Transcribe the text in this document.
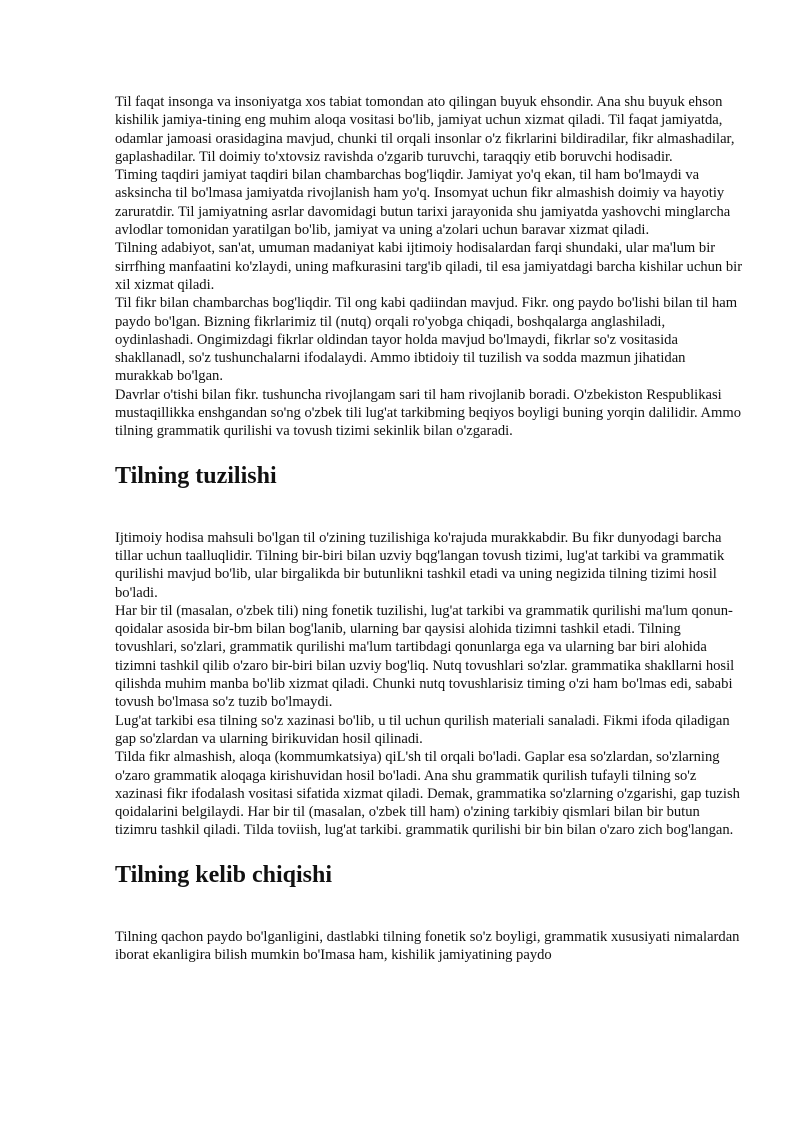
Til faqat insonga va insoniyatga xos tabiat tomondan ato qilingan buyuk ehsondir. Ana shu buyuk ehson kishilik jamiya-tining eng muhim aloqa vositasi bo'lib, jamiyat uchun xizmat qiladi. Til faqat jamiyatda, odamlar jamoasi orasidagina mavjud, chunki til orqali insonlar o'z fikrlarini bildiradilar, fikr almashadilar, gaplashadilar. Til doimiy to'xtovsiz ravishda o'zgarib turuvchi, taraqqiy etib boruvchi hodisadir.

Timing taqdiri jamiyat taqdiri bilan chambarchas bog'liqdir. Jamiyat yo'q ekan, til ham bo'lmaydi va asksincha til bo'lmasa jamiyatda rivojlanish ham yo'q. Insomyat uchun fikr almashish doimiy va hayotiy zaruratdir. Til jamiyatning asrlar davomidagi butun tarixi jarayonida shu jamiyatda yashovchi minglarcha avlodlar tomonidan yaratilgan bo'lib, jamiyat va uning a'zolari uchun baravar xizmat qiladi.

Tilning adabiyot, san'at, umuman madaniyat kabi ijtimoiy hodisalardan farqi shundaki, ular ma'lum bir sirrfhing manfaatini ko'zlaydi, uning mafkurasini targ'ib qiladi, til esa jamiyatdagi barcha kishilar uchun bir xil xizmat qiladi.

Til fikr bilan chambarchas bog'liqdir. Til ong kabi qadiindan mavjud. Fikr. ong paydo bo'lishi bilan til ham paydo bo'lgan. Bizning fikrlarimiz til (nutq) orqali ro'yobga chiqadi, boshqalarga anglashiladi, oydinlashadi. Ongimizdagi fikrlar oldindan tayor holda mavjud bo'lmaydi, fikrlar so'z vositasida shakllanadl, so'z tushunchalarni ifodalaydi. Ammo ibtidoiy til tuzilish va sodda mazmun jihatidan murakkab bo'lgan.

Davrlar o'tishi bilan fikr. tushuncha rivojlangam sari til ham rivojlanib boradi. O'zbekiston Respublikasi mustaqillikka enshgandan so'ng o'zbek tili lug'at tarkibming beqiyos boyligi buning yorqin dalilidir. Ammo tilning grammatik qurilishi va tovush tizimi sekinlik bilan o'zgaradi.

Tilning tuzilishi

Ijtimoiy hodisa mahsuli bo'lgan til o'zining tuzilishiga ko'rajuda murakkabdir. Bu fikr dunyodagi barcha tillar uchun taalluqlidir. Tilning bir-biri bilan uzviy bqg'langan tovush tizimi, lug'at tarkibi va grammatik qurilishi mavjud bo'lib, ular birgalikda bir butunlikni tashkil etadi va uning negizida tilning tizimi hosil bo'ladi.

Har bir til (masalan, o'zbek tili) ning fonetik tuzilishi, lug'at tarkibi va grammatik qurilishi ma'lum qonun-qoidalar asosida bir-bm bilan bog'lanib, ularning bar qaysisi alohida tizimni tashkil etadi. Tilning tovushlari, so'zlari, grammatik qurilishi ma'lum tartibdagi qonunlarga ega va ularning bar biri alohida tizimni tashkil qilib o'zaro bir-biri bilan uzviy bog'liq. Nutq tovushlari so'zlar. grammatika shakllarni hosil qilishda muhim manba bo'lib xizmat qiladi. Chunki nutq tovushlarisiz timing o'zi ham bo'lmas edi, sababi tovush bo'lmasa so'z tuzib bo'lmaydi.

Lug'at tarkibi esa tilning so'z xazinasi bo'lib, u til uchun qurilish materiali sanaladi. Fikmi ifoda qiladigan gap so'zlardan va ularning birikuvidan hosil qilinadi.

Tilda fikr almashish, aloqa (kommumkatsiya) qiL'sh til orqali bo'ladi. Gaplar esa so'zlardan, so'zlarning o'zaro grammatik aloqaga kirishuvidan hosil bo'ladi. Ana shu grammatik qurilish tufayli tilning so'z xazinasi fikr ifodalash vositasi sifatida xizmat qiladi. Demak, grammatika so'zlarning o'zgarishi, gap tuzish qoidalarini belgilaydi. Har bir til (masalan, o'zbek till ham) o'zining tarkibiy qismlari bilan bir butun tizimru tashkil qiladi. Tilda toviish, lug'at tarkibi. grammatik qurilishi bir bin bilan o'zaro zich bog'langan.

Tilning kelib chiqishi

Tilning qachon paydo bo'lganligini, dastlabki tilning fonetik so'z boyligi, grammatik xususiyati nimalardan iborat ekanligira bilish mumkin bo'Imasa ham, kishilik jamiyatining paydo
